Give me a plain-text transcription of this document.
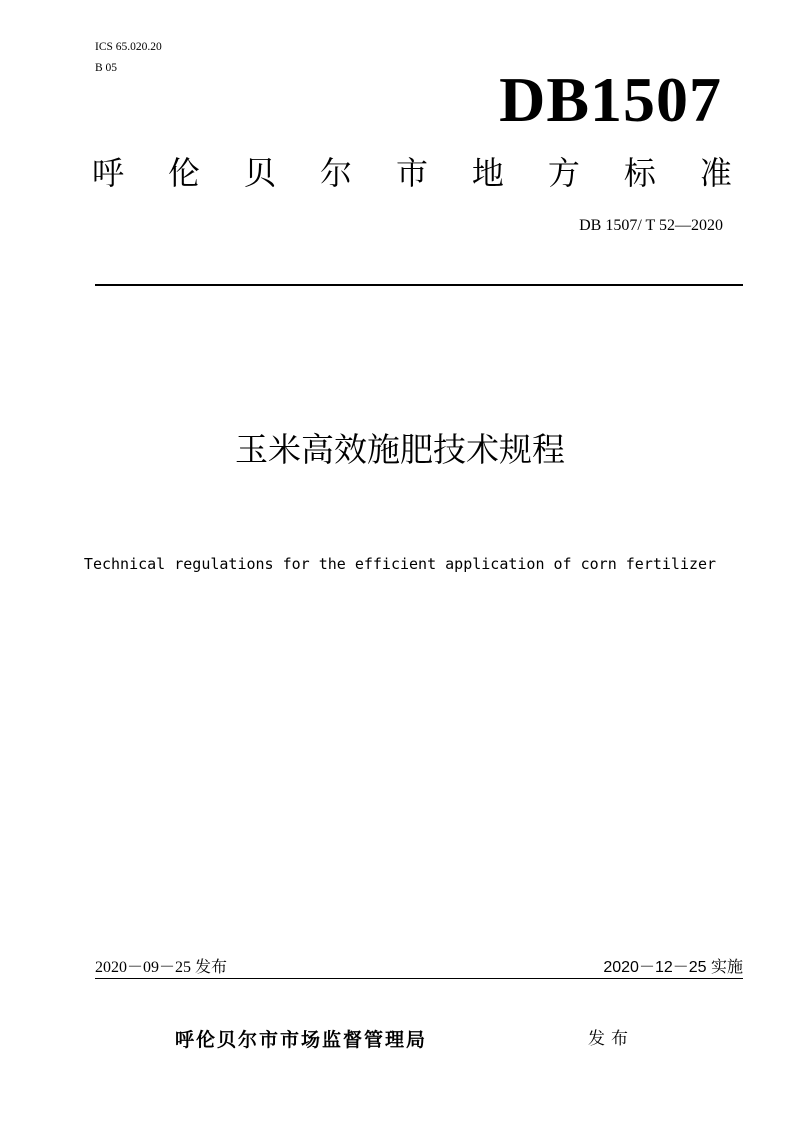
ICS 65.020.20
B 05	DB1507
呼 伦 贝 尔 市 地 方 标 准
DB 1507/ T 52—2020
玉米高效施肥技术规程
Technical regulations for the efficient application of corn fertilizer
2020－09－25 发布	2020－12－25 实施
呼伦贝尔市市场监督管理局	发布
